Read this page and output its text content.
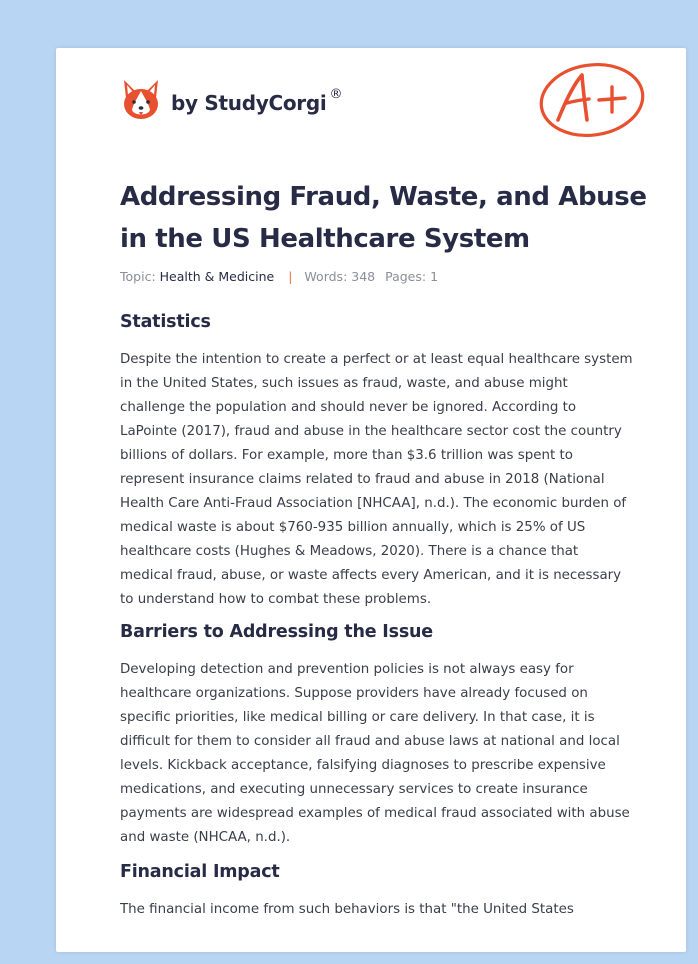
by StudyCorgi ®
Addressing Fraud, Waste, and Abuse in the US Healthcare System
Topic: Health & Medicine | Words: 348 Pages: 1
Statistics

Despite the intention to create a perfect or at least equal healthcare system in the United States, such issues as fraud, waste, and abuse might challenge the population and should never be ignored. According to LaPointe (2017), fraud and abuse in the healthcare sector cost the country billions of dollars. For example, more than $3.6 trillion was spent to represent insurance claims related to fraud and abuse in 2018 (National Health Care Anti-Fraud Association [NHCAA], n.d.). The economic burden of medical waste is about $760-935 billion annually, which is 25% of US healthcare costs (Hughes & Meadows, 2020). There is a chance that medical fraud, abuse, or waste affects every American, and it is necessary to understand how to combat these problems.

Barriers to Addressing the Issue

Developing detection and prevention policies is not always easy for healthcare organizations. Suppose providers have already focused on specific priorities, like medical billing or care delivery. In that case, it is difficult for them to consider all fraud and abuse laws at national and local levels. Kickback acceptance, falsifying diagnoses to prescribe expensive medications, and executing unnecessary services to create insurance payments are widespread examples of medical fraud associated with abuse and waste (NHCAA, n.d.).

Financial Impact

The financial income from such behaviors is that "the United States
